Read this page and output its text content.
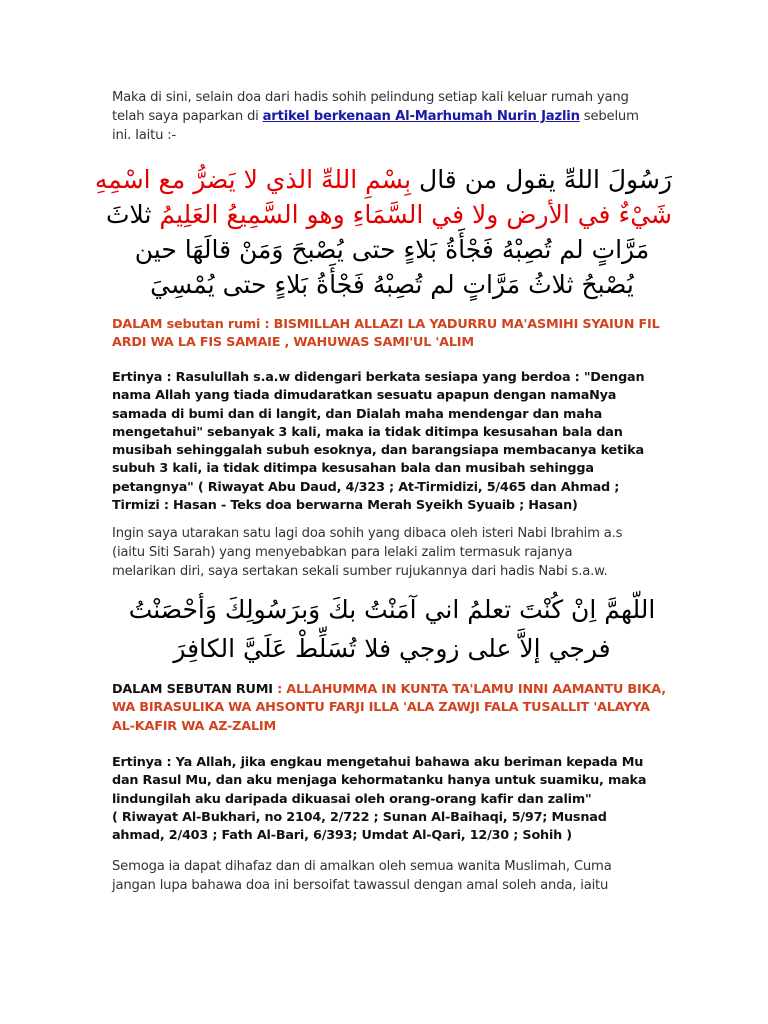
Maka di sini, selain doa dari hadis sohih pelindung setiap kali keluar rumah yang
telah saya paparkan di artikel berkenaan Al-Marhumah Nurin Jazlin sebelum
ini. Iaitu :-
رَسُولَ اللهِّ يقول من قال بِسْمِ اللهِّ الذي لا يَضرُّ مع اسْمِهِ
شَيْءٌ في الأرض ولا في السَّمَاءِ وهو السَّمِيعُ العَلِيمُ ثلاثَ
مَرَّاتٍ لم تُصِبْهُ فَجْأَةُ بَلاءٍ حتى يُصْبحَ وَمَنْ قالَهَا حين
يُصْبحُ ثلاثُ مَرَّاتٍ لم تُصِبْهُ فَجْأَةُ بَلاءٍ حتى يُمْسِيَ
DALAM sebutan rumi : BISMILLAH ALLAZI LA YADURRU MA'ASMIHI SYAIUN FIL
ARDI WA LA FIS SAMAIE , WAHUWAS SAMI'UL 'ALIM
Ertinya : Rasulullah s.a.w didengari berkata sesiapa yang berdoa : "Dengan
nama Allah yang tiada dimudaratkan sesuatu apapun dengan namaNya
samada di bumi dan di langit, dan Dialah maha mendengar dan maha
mengetahui" sebanyak 3 kali, maka ia tidak ditimpa kesusahan bala dan
musibah sehinggalah subuh esoknya, dan barangsiapa membacanya ketika
subuh 3 kali, ia tidak ditimpa kesusahan bala dan musibah sehingga
petangnya" ( Riwayat Abu Daud, 4/323 ; At-Tirmidizi, 5/465 dan Ahmad ;
Tirmizi : Hasan - Teks doa berwarna Merah Syeikh Syuaib ; Hasan)
Ingin saya utarakan satu lagi doa sohih yang dibaca oleh isteri Nabi Ibrahim a.s
(iaitu Siti Sarah) yang menyebabkan para lelaki zalim termasuk rajanya
melarikan diri, saya sertakan sekali sumber rujukannya dari hadis Nabi s.a.w.
اللّهمَّ اِنْ كُنْتَ تعلمُ اني آمَنْتُ بكَ وَبرَسُولِكَ وَأحْصَنْتُ
فرجي إلاَّ على زوجي فلا تُسَلِّطْ عَلَيَّ الكافِرَ
DALAM SEBUTAN RUMI : ALLAHUMMA IN KUNTA TA'LAMU INNI AAMANTU BIKA,
WA BIRASULIKA WA AHSONTU FARJI ILLA 'ALA ZAWJI FALA TUSALLIT 'ALAYYA
AL-KAFIR WA AZ-ZALIM
Ertinya : Ya Allah, jika engkau mengetahui bahawa aku beriman kepada Mu
dan Rasul Mu, dan aku menjaga kehormatanku hanya untuk suamiku, maka
lindungilah aku daripada dikuasai oleh orang-orang kafir dan zalim"
( Riwayat Al-Bukhari, no 2104, 2/722 ; Sunan Al-Baihaqi, 5/97; Musnad
ahmad, 2/403 ; Fath Al-Bari, 6/393; Umdat Al-Qari, 12/30 ; Sohih )
Semoga ia dapat dihafaz dan di amalkan oleh semua wanita Muslimah, Cuma
jangan lupa bahawa doa ini bersoifat tawassul dengan amal soleh anda, iaitu
